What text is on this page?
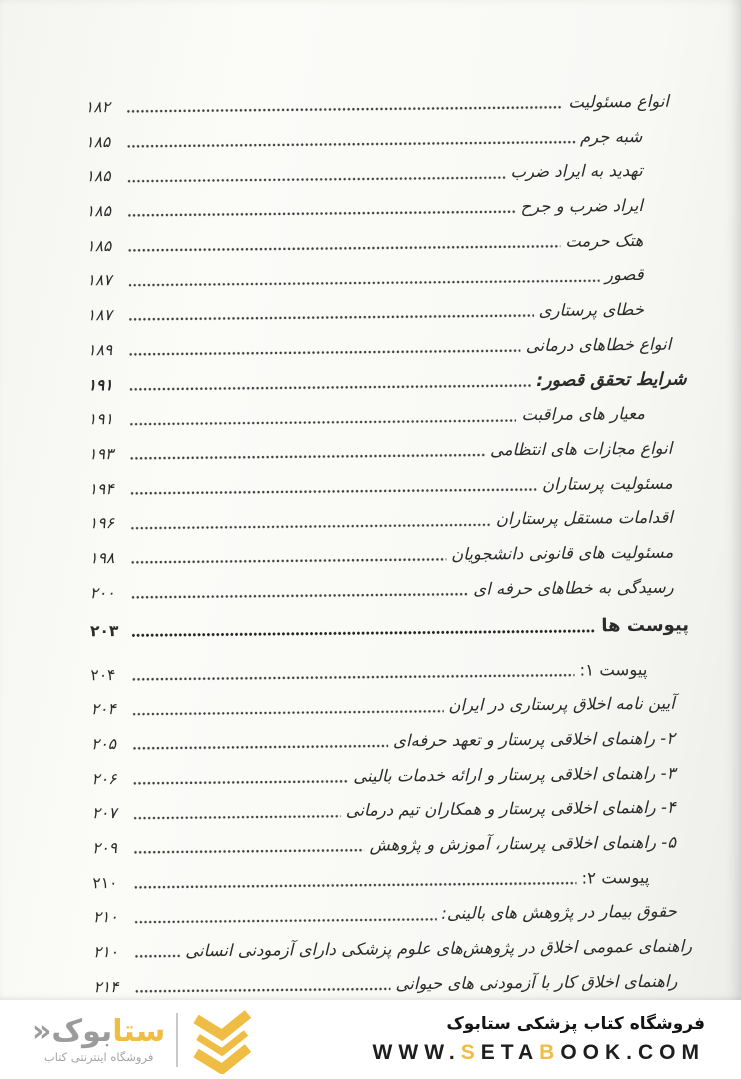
انواع مسئولیت
۱۸۲
شبه جرم
۱۸۵
تهدید به ایراد ضرب
۱۸۵
ایراد ضرب و جرح
۱۸۵
هتک حرمت
۱۸۵
قصور
۱۸۷
خطای پرستاری
۱۸۷
انواع خطاهای درمانی
۱۸۹
شرایط تحقق قصور:
۱۹۱
معیار های مراقبت
۱۹۱
انواع مجازات های انتظامی
۱۹۳
مسئولیت پرستاران
۱۹۴
اقدامات مستقل پرستاران
۱۹۶
مسئولیت های قانونی دانشجویان
۱۹۸
رسیدگی به خطاهای حرفه ای
۲۰۰
پیوست ها
۲۰۳
پیوست ۱:
۲۰۴
آیین نامه اخلاق پرستاری در ایران
۲۰۴
۲- راهنمای اخلاقی پرستار و تعهد حرفه‌ای
۲۰۵
۳- راهنمای اخلاقی پرستار و ارائه خدمات بالینی
۲۰۶
۴- راهنمای اخلاقی پرستار و همکاران تیم درمانی
۲۰۷
۵- راهنمای اخلاقی پرستار، آموزش و پژوهش
۲۰۹
پیوست ۲:
۲۱۰
حقوق بیمار در پژوهش های بالینی:
۲۱۰
راهنمای عمومی اخلاق در پژوهش‌های علوم پزشکی دارای آزمودنی انسانی
۲۱۰
راهنمای اخلاق کار با آزمودنی های حیوانی
۲۱۴
ستابوک«
فروشگاه اینترنتی کتاب
فروشگاه کتاب پزشکی ستابوک
WWW.SETABOOK.COM
